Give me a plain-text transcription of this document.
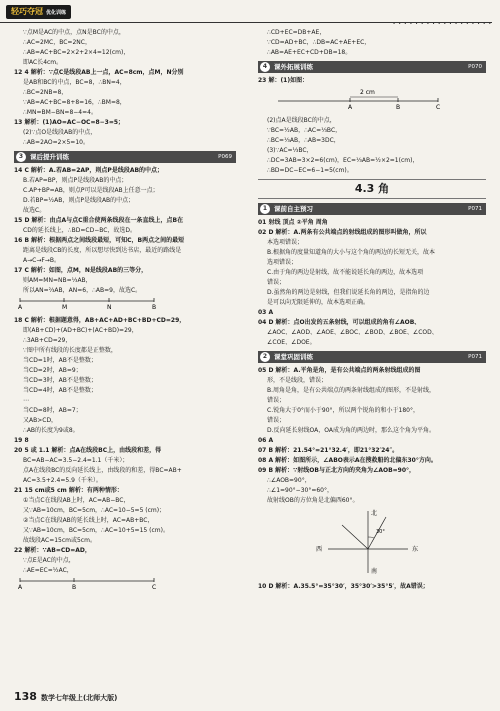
轻巧夺冠 优化训练
• • • • • • • • • • • • • • • • • •
∵点M是AC的中点，点N是BC的中点，
∴AC=2MC，BC=2NC，
∴AB=AC+BC=2×2+2×4=12(cm)，
即AC长4cm。
12 4 解析：∵点C是线段AB上一点，AC=8cm，点M，N分别
是AB和BC的中点，BC=8，∴BN=4，
∴BC=2NB=8，
∵AB=AC+BC=8+8=16，∴BM=8，
∴MN=BM−BN=8−4=4。
13 解析：(1)AO=AC−OC=8−3=5；
(2)∵点O是线段AB的中点，
∴AB=2AO=2×5=10。
3	课后提升训练	P069
14 C 解析：A.若AB=2AP，则点P是线段AB的中点；
B.若AP=BP，则点P是线段AB的中点；
C.AP+BP=AB，则点P可以是线段AB上任意一点；
D.若BP=½AB，则点P是线段AB的中点；
故选C。
15 D 解析：由点A与点C重合使两条线段在一条直线上，点B在
CD的延长线上，∴BD=CD−BC，故选D。
16 B 解析：根据两点之间线段最短，可知C，B两点之间的最短
距离是线段CB的长度，所以想尽快到达书店，最近的路线是
A→C→F→B。
17 C 解析：如图，点M，N是线段AB的三等分，
则AM=MN=NB=⅓AB，
所以AN=⅔AB，AN=6，∴AB=9，故选C。
A	M	N	B
18 C 解析：根据题意得，AB+AC+AD+BC+BD+CD=29，
即(AB+CD)+(AD+BC)+(AC+BD)=29，
∴3AB+CD=29，
∵图中所有线段的长度都是正整数，
当CD=1时，AB不是整数；
当CD=2时，AB=9；
当CD=3时，AB不是整数；
当CD=4时，AB不是整数；
⋯
当CD=8时，AB=7；
又AB>CD，
∴AB的长度为9或8。
19 8
20 5 或 1.1 解析：点A在线段BC上，由线段和差，得
BC=AB−AC=3.5−2.4=1.1（千米）；
点A在线段BC的反向延长线上，由线段的和差，得BC=AB+
AC=3.5+2.4=5.9（千米）。
21 15 cm或5 cm 解析：有两种情形：
①当点C在线段AB上时，AC=AB−BC，
又∵AB=10cm，BC=5cm，∴AC=10−5=5 (cm)；
②当点C在线段AB的延长线上时，AC=AB+BC，
又∵AB=10cm，BC=5cm，∴AC=10+5=15 (cm)。
故线段AC=15cm或5cm。
22 解析：∵AB=CD=AD，
∵点E是AC的中点，
∴AE=EC=½AC，
A	B	C
∴CD+EC=DB+AE，
∵CD=AD+BC，∴DB=AC+AE+EC，
∴AB=AE+EC+CD+DB=18。
4	课外拓展训练	P070
23 解：(1)如图：
2 cm
A	B	C
(2)点A是线段BC的中点，
∵BC=½AB，∴AC=⅓BC，
∴BC=⅓AB，∴AB=3DC，
(3)∵AC=⅓BC，
∴DC=3AB=3×2=6(cm)，EC=⅓AB=½×2=1(cm)，
∴BD=DC−EC=6−1=5(cm)。
4.3 角
1	课前自主预习	P071
01 射线 顶点 ②平角 周角
02 D 解析：A.两条有公共端点的射线组成的图形叫做角，所以
本选项错误；
B.根据角的度量知道角的大小与这个角的两边的长短无关，故本
选项错误；
C.由于角的两边是射线，故不能说延长角的两边，故本选项
错误；
D.虽然角的两边是射线，但我们说延长角的两边，是指角的边
是可以向无限延伸的，故本选项正确。
03 A
04 D 解析：点O出发的五条射线，可以组成的角有∠AOB、
∠AOC、∠AOD、∠AOE、∠BOC、∠BOD、∠BOE、∠COD、
∠COE、∠DOE。
2	课堂巩固训练	P071
05 D 解析：A.平角是角，是有公共端点的两条射线组成的图
形，不是线段，错误；
B.周角是角，是有公共端点的两条射线组成的图形，不是射线，
错误；
C.锐角大于0°而小于90°，所以两个锐角的和小于180°，
错误；
D.反向延长射线OA，OA成为角的两边时，那么这个角为平角。
06 A
07 B 解析：21.54°=21°32.4′，即21°32′24″。
08 A 解析：如图所示，∠ABO表示A在搜救船的北偏东30°方向。
09 B 解析：∵射线OB与正北方向的夹角为∠AOB=90°，
∴∠AOB=90°，
∴∠1=90°−30°=60°，
故射线OB的方位角是北偏西60°。
北
南
东
西
30°
10 D 解析：A.35.5°=35°30′，35°30′>35°5′，故A错误；
138 数学七年级上(北师大版)
